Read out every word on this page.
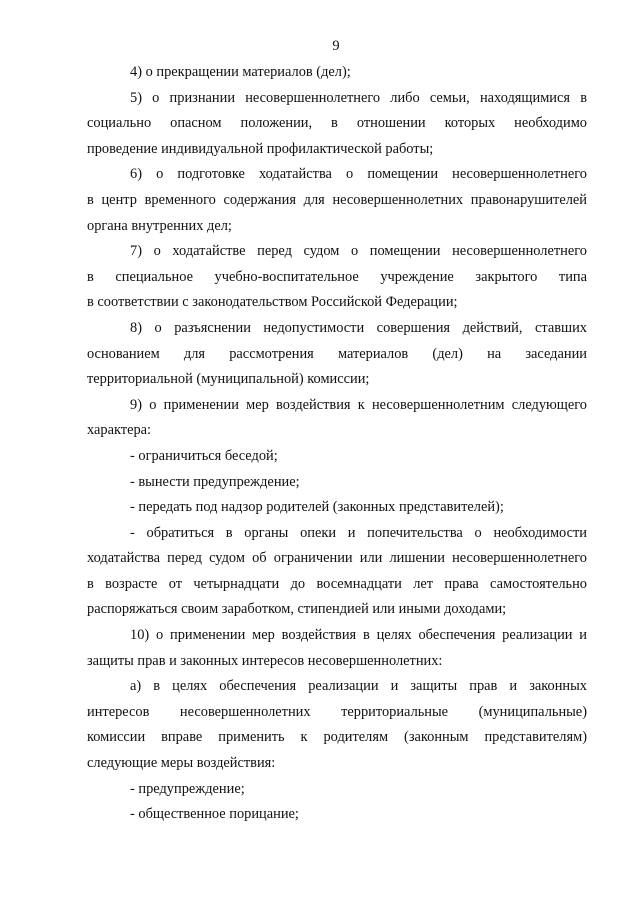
9
4) о прекращении материалов (дел);
5) о признании несовершеннолетнего либо семьи, находящимися в
социально опасном положении, в отношении которых необходимо
проведение индивидуальной профилактической работы;
6) о подготовке ходатайства о помещении несовершеннолетнего
в центр временного содержания для несовершеннолетних правонарушителей
органа внутренних дел;
7) о ходатайстве перед судом о помещении несовершеннолетнего
в специальное учебно-воспитательное учреждение закрытого типа
в соответствии с законодательством Российской Федерации;
8) о разъяснении недопустимости совершения действий, ставших
основанием для рассмотрения материалов (дел) на заседании
территориальной (муниципальной) комиссии;
9) о применении мер воздействия к несовершеннолетним следующего
характера:
- ограничиться беседой;
- вынести предупреждение;
- передать под надзор родителей (законных представителей);
- обратиться в органы опеки и попечительства о необходимости
ходатайства перед судом об ограничении или лишении несовершеннолетнего
в возрасте от четырнадцати до восемнадцати лет права самостоятельно
распоряжаться своим заработком, стипендией или иными доходами;
10) о применении мер воздействия в целях обеспечения реализации и
защиты прав и законных интересов несовершеннолетних:
а) в целях обеспечения реализации и защиты прав и законных
интересов несовершеннолетних территориальные (муниципальные)
комиссии вправе применить к родителям (законным представителям)
следующие меры воздействия:
- предупреждение;
- общественное порицание;
